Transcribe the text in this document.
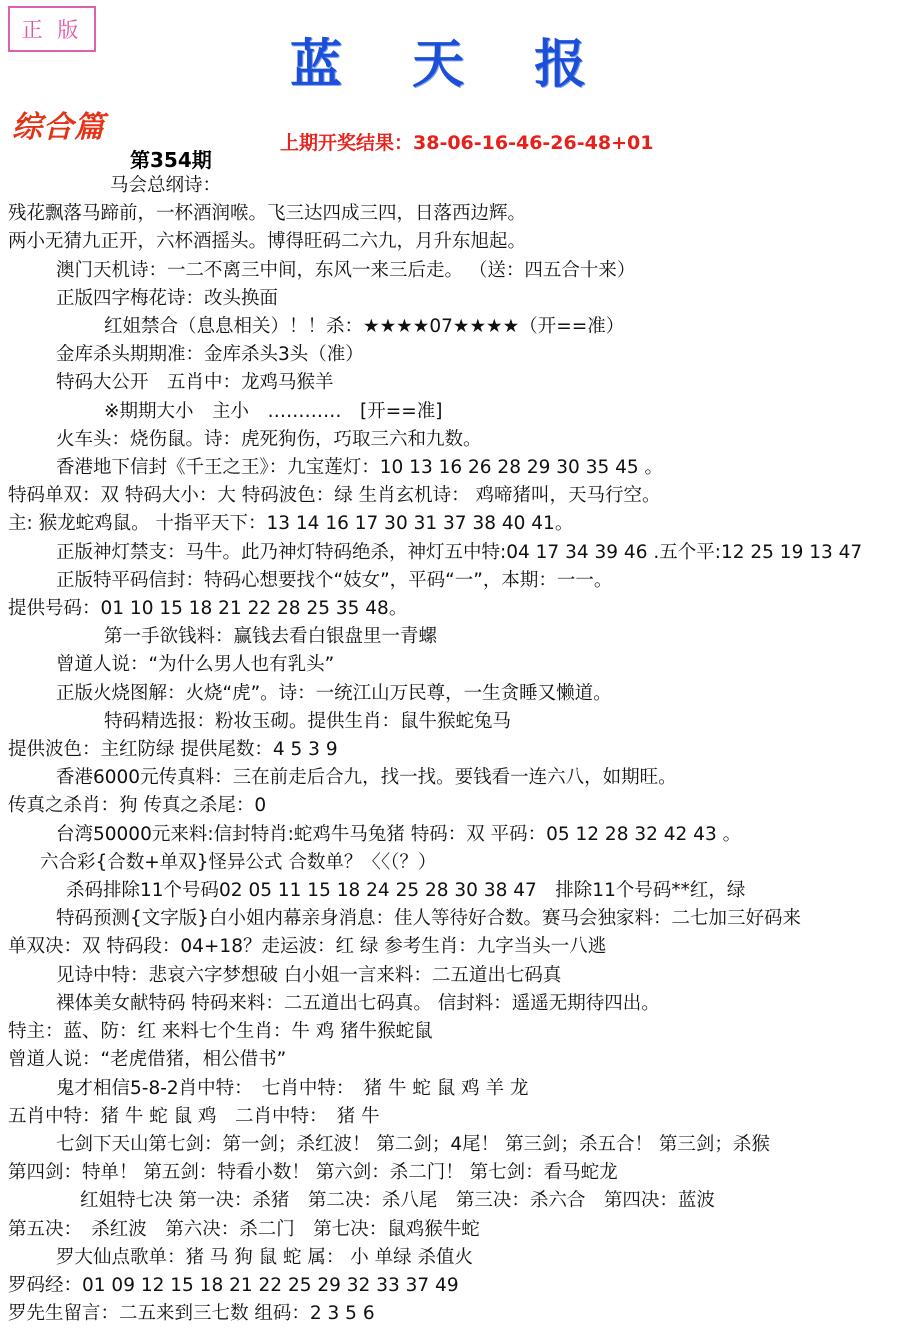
正 版
蓝 天 报
综合篇	上期开奖结果：38-06-16-46-26-48+01
第354期
马会总纲诗：
残花飘落马蹄前，一杯酒润喉。飞三达四成三四，日落西边辉。
两小无猜九正开，六杯酒摇头。博得旺码二六九，月升东旭起。
澳门天机诗：一二不离三中间，东风一来三后走。 （送：四五合十来）
正版四字梅花诗：改头换面
红姐禁合（息息相关）！！杀：★★★★07★★★★（开==准）
金库杀头期期准：金库杀头3头（准）
特码大公开　五肖中：龙鸡马猴羊
※期期大小　主小　…………　[开==准]
火车头：烧伤鼠。诗：虎死狗伤，巧取三六和九数。
香港地下信封《千王之王》：九宝莲灯：10 13 16 26 28 29 30 35 45 。
特码单双：双 特码大小：大 特码波色：绿 生肖玄机诗： 鸡啼猪叫，天马行空。
主: 猴龙蛇鸡鼠。 十指平天下：13 14 16 17 30 31 37 38 40 41。
正版神灯禁支：马牛。此乃神灯特码绝杀，神灯五中特:04 17 34 39 46 .五个平:12 25 19 13 47
正版特平码信封：特码心想要找个“妓女”，平码“一”，本期：一一。
提供号码：01 10 15 18 21 22 28 25 35 48。
第一手欲钱料：赢钱去看白银盘里一青螺
曾道人说：“为什么男人也有乳头”
正版火烧图解：火烧“虎”。诗：一统江山万民尊，一生贪睡又懒道。
特码精选报：粉妆玉砌。提供生肖：鼠牛猴蛇兔马
提供波色：主红防绿 提供尾数：4 5 3 9
香港6000元传真料：三在前走后合九，找一找。要钱看一连六八，如期旺。
传真之杀肖：狗 传真之杀尾：0
台湾50000元来料:信封特肖:蛇鸡牛马兔猪 特码：双 平码：05 12 28 32 42 43 。
六合彩{合数+单双}怪异公式 合数单？〈〈（？）
杀码排除11个号码02 05 11 15 18 24 25 28 30 38 47　排除11个号码**红，绿
特码预测{文字版}白小姐内幕亲身消息：佳人等待好合数。赛马会独家料：二七加三好码来
单双决：双 特码段：04+18？走运波：红 绿 参考生肖：九字当头一八逃
见诗中特：悲哀六字梦想破 白小姐一言来料：二五道出七码真
裸体美女献特码 特码来料：二五道出七码真。 信封料：遥遥无期待四出。
特主：蓝、防：红 来料七个生肖：牛 鸡 猪牛猴蛇鼠
曾道人说：“老虎借猪，相公借书”
鬼才相信5-8-2肖中特：　七肖中特：　猪 牛 蛇 鼠 鸡 羊 龙
五肖中特：猪 牛 蛇 鼠 鸡　二肖中特：　猪 牛
七剑下天山第七剑：第一剑；杀红波！ 第二剑；4尾！ 第三剑；杀五合！ 第三剑；杀猴
第四剑：特单！ 第五剑：特看小数！ 第六剑：杀二门！ 第七剑：看马蛇龙
红姐特七决 第一决：杀猪　第二决：杀八尾　第三决：杀六合　第四决：蓝波
第五决：　杀红波　第六决：杀二门　第七决：鼠鸡猴牛蛇
罗大仙点歌单：猪 马 狗 鼠 蛇 属： 小 单绿 杀值火
罗码经：01 09 12 15 18 21 22 25 29 32 33 37 49
罗先生留言：二五来到三七数 组码：2 3 5 6
